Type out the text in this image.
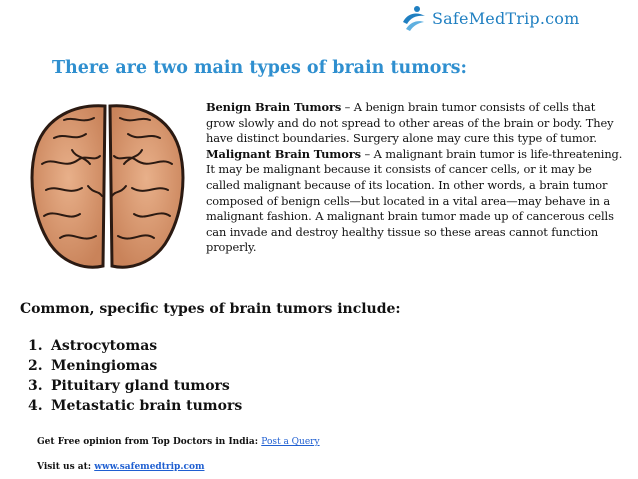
SafeMedTrip.com
There are two main types of brain tumors:

Benign Brain Tumors – A benign brain tumor consists of cells that grow slowly and do not spread to other areas of the brain or body. They have distinct boundaries. Surgery alone may cure this type of tumor.

Malignant Brain Tumors – A malignant brain tumor is life-threatening. It may be malignant because it consists of cancer cells, or it may be called malignant because of its location. In other words, a brain tumor composed of benign cells—but located in a vital area—may behave in a malignant fashion. A malignant brain tumor made up of cancerous cells can invade and destroy healthy tissue so these areas cannot function properly.

Common, specific types of brain tumors include:
1. Astrocytomas
2. Meningiomas
3. Pituitary gland tumors
4. Metastatic brain tumors
Get Free opinion from Top Doctors in India: Post a Query
Visit us at: www.safemedtrip.com
